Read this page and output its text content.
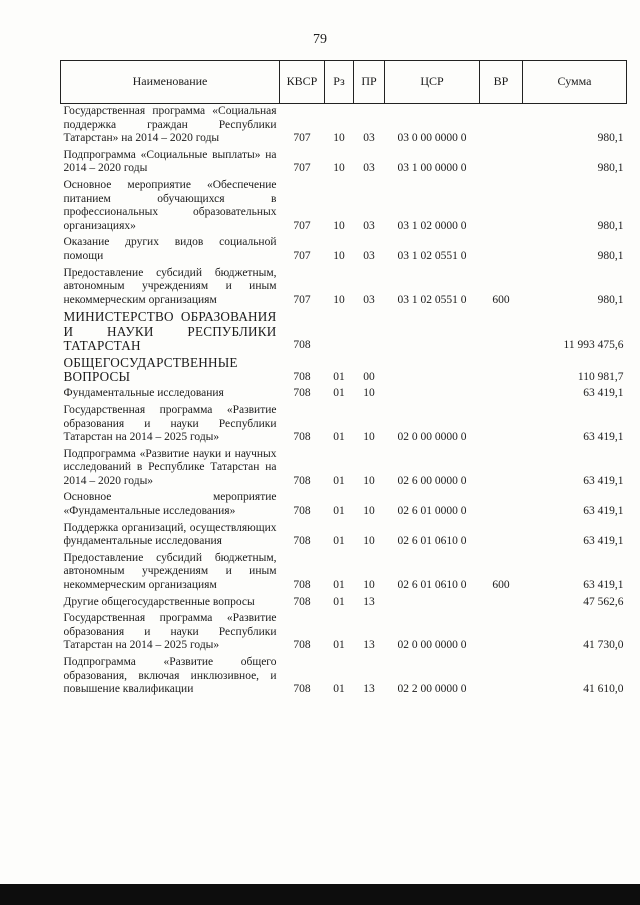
79
Наименование	КВСР	Рз	ПР	ЦСР	ВР	Сумма
Государственная программа «Социальная поддержка граждан Республики Татарстан» на 2014 – 2020 годы	707	10	03	03 0 00 0000 0		980,1
Подпрограмма «Социальные выплаты» на 2014 – 2020 годы	707	10	03	03 1 00 0000 0		980,1
Основное мероприятие «Обеспечение питанием обучающихся в профессиональных образовательных организациях»	707	10	03	03 1 02 0000 0		980,1
Оказание других видов социальной помощи	707	10	03	03 1 02 0551 0		980,1
Предоставление субсидий бюджетным, автономным учреждениям и иным некоммерческим организациям	707	10	03	03 1 02 0551 0	600	980,1
МИНИСТЕРСТВО ОБРАЗОВАНИЯ И НАУКИ РЕСПУБЛИКИ ТАТАРСТАН	708					11 993 475,6
ОБЩЕГОСУДАРСТВЕННЫЕ ВОПРОСЫ	708	01	00			110 981,7
Фундаментальные исследования	708	01	10			63 419,1
Государственная программа «Развитие образования и науки Республики Татарстан на 2014 – 2025 годы»	708	01	10	02 0 00 0000 0		63 419,1
Подпрограмма «Развитие науки и научных исследований в Республике Татарстан на 2014 – 2020 годы»	708	01	10	02 6 00 0000 0		63 419,1
Основное мероприятие «Фундаментальные исследования»	708	01	10	02 6 01 0000 0		63 419,1
Поддержка организаций, осуществляющих фундаментальные исследования	708	01	10	02 6 01 0610 0		63 419,1
Предоставление субсидий бюджетным, автономным учреждениям и иным некоммерческим организациям	708	01	10	02 6 01 0610 0	600	63 419,1
Другие общегосударственные вопросы	708	01	13			47 562,6
Государственная программа «Развитие образования и науки Республики Татарстан на 2014 – 2025 годы»	708	01	13	02 0 00 0000 0		41 730,0
Подпрограмма «Развитие общего образования, включая инклюзивное, и повышение квалификации	708	01	13	02 2 00 0000 0		41 610,0
